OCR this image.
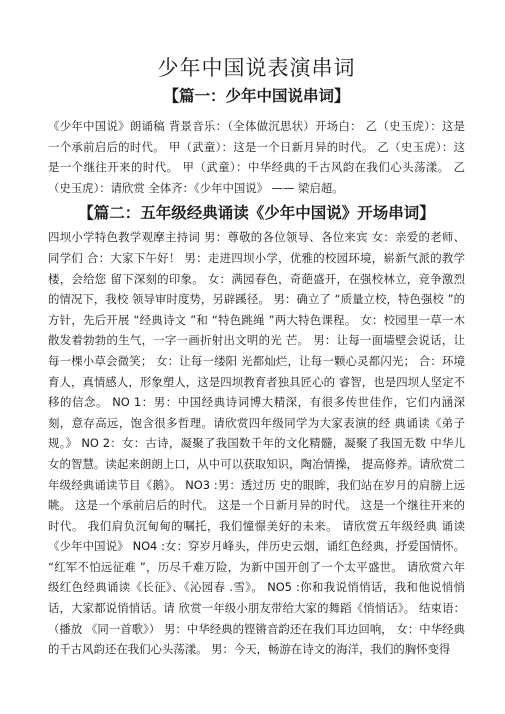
少年中国说表演串词
【篇一：少年中国说串词】

《少年中国说》朗诵稿 背景音乐：（全体做沉思状）开场白： 乙（史玉虎）：这是一个承前启后的时代。 甲（武童）：这是一个日新月异的时代。 乙（史玉虎）：这是一个继往开来的时代。 甲（武童）：中华经典的千古风韵在我们心头荡漾。 乙（史玉虎）：请欣赏 全体齐：《少年中国说》 —— 梁启超。

【篇二：五年级经典诵读《少年中国说》开场串词】

四坝小学特色教学观摩主持词 男：尊敬的各位领导、各位来宾 女：亲爱的老师、同学们 合：大家下午好！ 男：走进四坝小学，优雅的校园环境，崭新气派的教学楼，会给您 留下深刻的印象。 女：满园春色，奇葩盛开，在强校林立，竞争激烈的情况下，我校 领导审时度势，另辟蹊径。 男：确立了 “质量立校，特色强校 ”的方针，先后开展 “经典诗文 ”和 “特色跳绳 ”两大特色课程。 女：校园里一草一木散发着勃勃的生气，一字一画折射出文明的光 芒。 男：让每一面墙壁会说话，让每一棵小草会微笑； 女：让每一缕阳 光都灿烂，让每一颗心灵都闪光； 合：环境育人，真情感人，形象塑人，这是四坝教育者独具匠心的 睿智，也是四坝人坚定不移的信念。 NO 1：男：中国经典诗词博大精深，有很多传世佳作，它们内涵深 刻，意存高远，饱含很多哲理。请欣赏四年级同学为大家表演的经 典诵读《弟子规。》 NO 2：女：古诗，凝聚了我国数千年的文化精髓，凝聚了我国无数 中华儿女的智慧。读起来朗朗上口，从中可以获取知识，陶冶情操， 提高修养。请欣赏二年级经典诵读节目《鹅》。 NO3 :男：透过历 史的眼眸，我们站在岁月的肩膀上远眺。 这是一个承前启后的时代。 这是一个日新月异的时代。 这是一个继往开来的时代。 我们肩负沉甸甸的嘱托，我们憧憬美好的未来。 请欣赏五年级经典 诵读《少年中国说》 NO4 :女：穿岁月峰头，伴历史云烟，诵红色经典，抒爱国情怀。 “红军不怕远征难 ”，历尽千难万险，为新中国开创了一个太平盛世。 请欣赏六年级红色经典诵读《长征》、《沁园春 .雪》。 NO5 :你和我说悄悄话，我和他说悄悄话，大家都说悄悄话。请 欣赏一年级小朋友带给大家的舞蹈《悄悄话》。 结束语：（播放 《同一首歌》） 男：中华经典的铿锵音韵还在我们耳边回响， 女：中华经典的千古风韵还在我们心头荡漾。 男：今天，畅游在诗文的海洋，我们的胸怀变得
